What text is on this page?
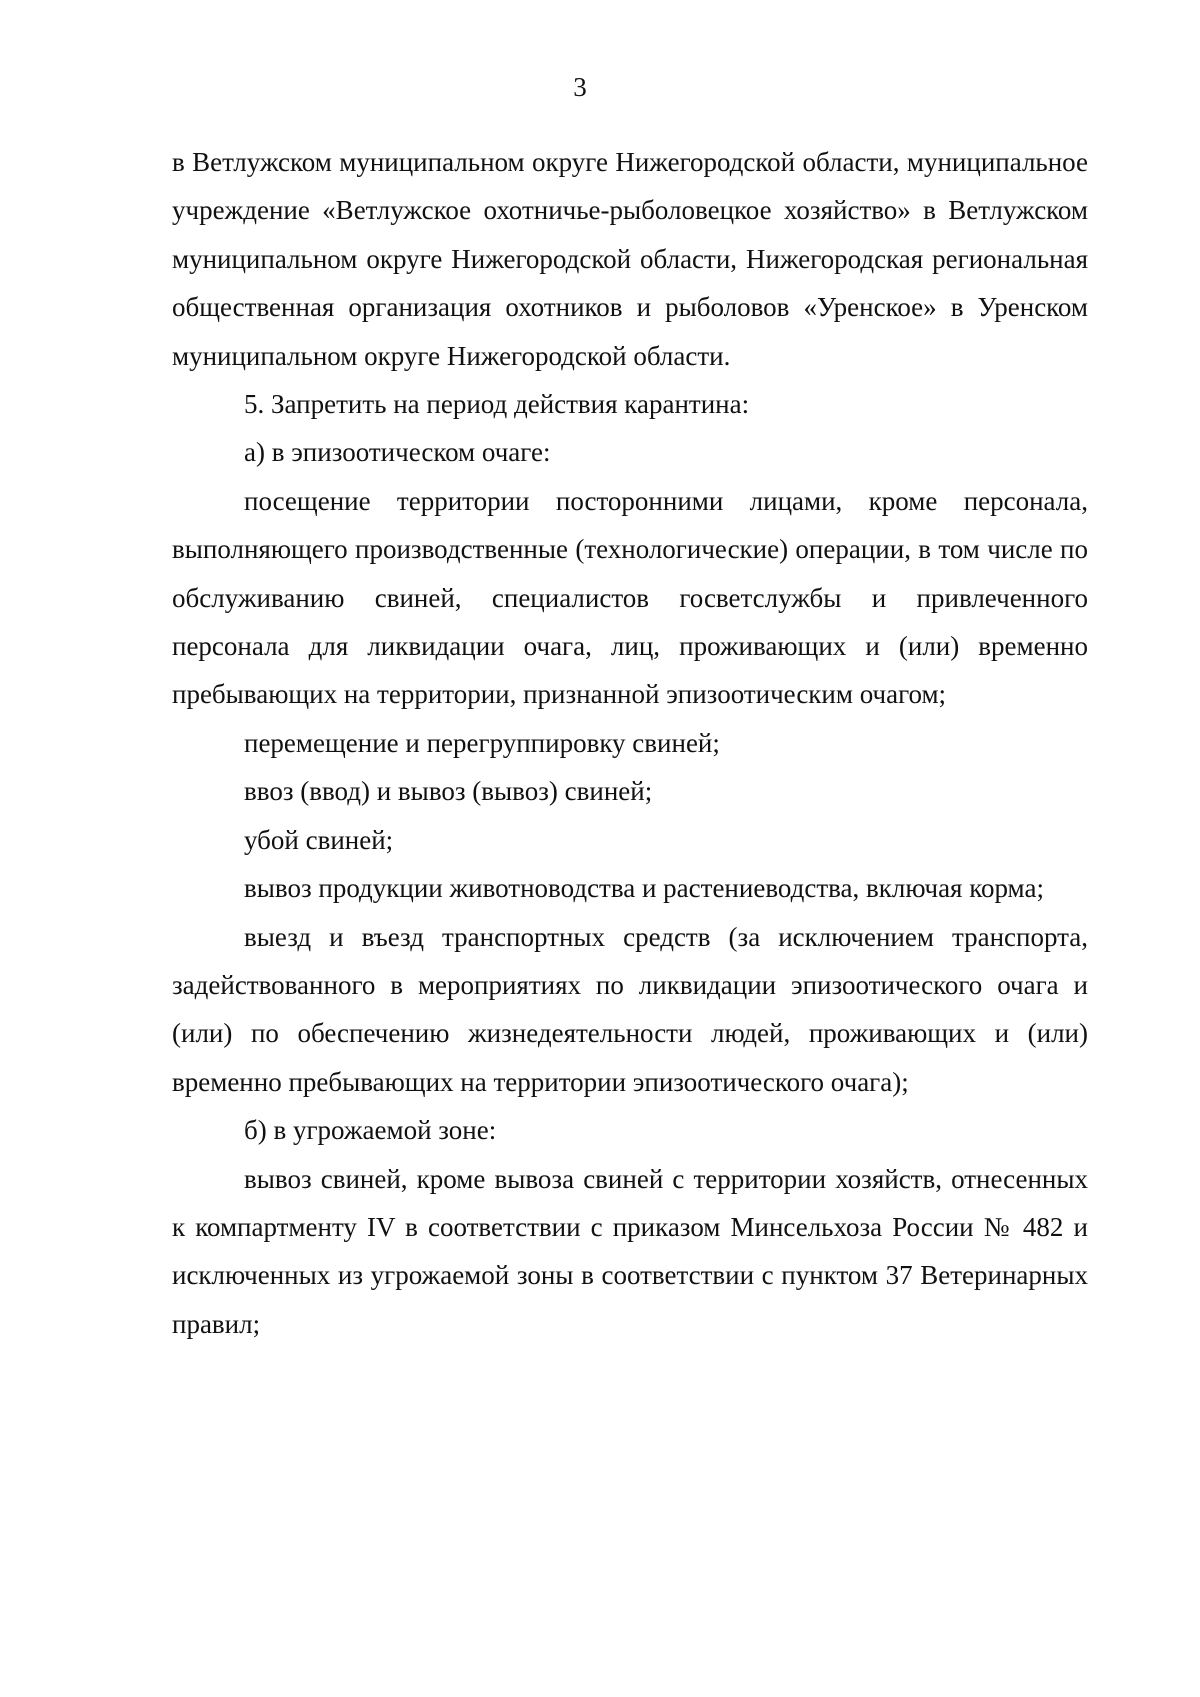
3

в Ветлужском муниципальном округе Нижегородской области, муниципальное учреждение «Ветлужское охотничье-рыболовецкое хозяйство» в Ветлужском муниципальном округе Нижегородской области, Нижегородская региональная общественная организация охотников и рыболовов «Уренское» в Уренском муниципальном округе Нижегородской области.

5. Запретить на период действия карантина:

а) в эпизоотическом очаге:

посещение территории посторонними лицами, кроме персонала, выполняющего производственные (технологические) операции, в том числе по обслуживанию свиней, специалистов госветслужбы и привлеченного персонала для ликвидации очага, лиц, проживающих и (или) временно пребывающих на территории, признанной эпизоотическим очагом;

перемещение и перегруппировку свиней;

ввоз (ввод) и вывоз (вывоз) свиней;

убой свиней;

вывоз продукции животноводства и растениеводства, включая корма;

выезд и въезд транспортных средств (за исключением транспорта, задействованного в мероприятиях по ликвидации эпизоотического очага и (или) по обеспечению жизнедеятельности людей, проживающих и (или) временно пребывающих на территории эпизоотического очага);

б) в угрожаемой зоне:

вывоз свиней, кроме вывоза свиней с территории хозяйств, отнесенных к компартменту IV в соответствии с приказом Минсельхоза России № 482 и исключенных из угрожаемой зоны в соответствии с пунктом 37 Ветеринарных правил;
